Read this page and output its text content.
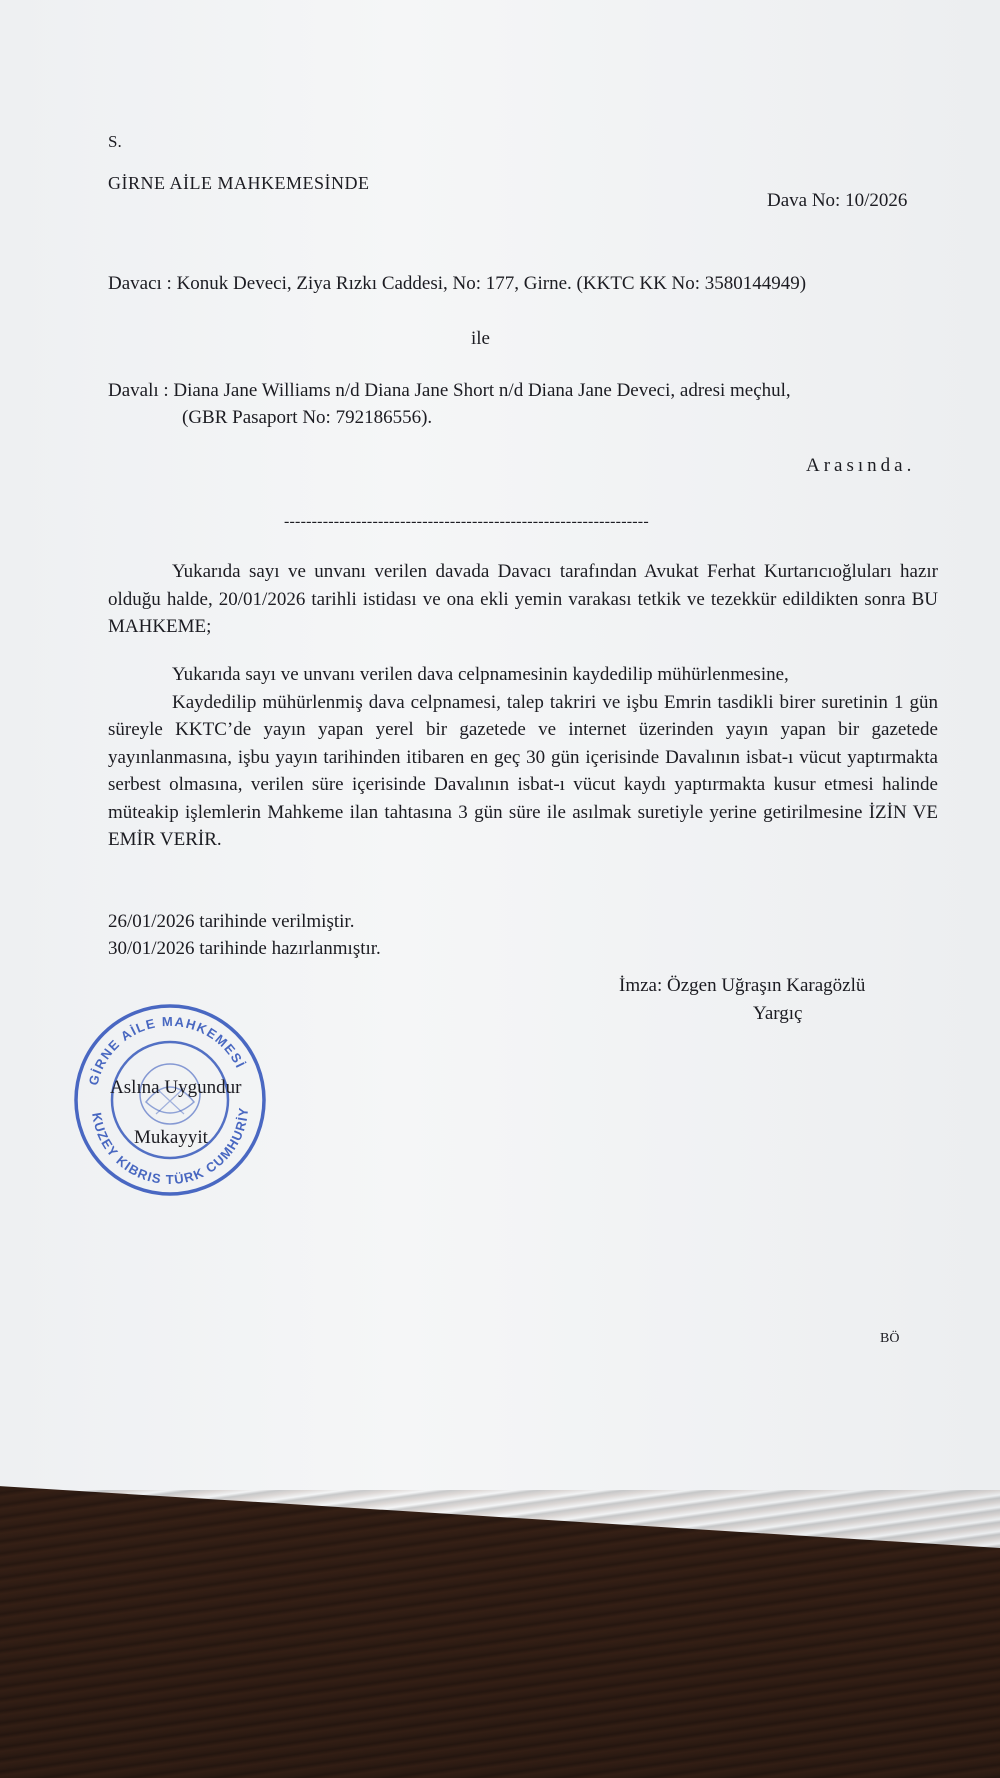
S.
GİRNE AİLE MAHKEMESİNDE
Dava No: 10/2026
Davacı : Konuk Deveci, Ziya Rızkı Caddesi, No: 177, Girne. (KKTC KK No: 3580144949)
ile
Davalı : Diana Jane Williams n/d Diana Jane Short n/d Diana Jane Deveci, adresi meçhul,
(GBR Pasaport No: 792186556).
Arasında.
------------------------------------------------------------------

Yukarıda sayı ve unvanı verilen davada Davacı tarafından Avukat Ferhat Kurtarıcıoğluları hazır olduğu halde, 20/01/2026 tarihli istidası ve ona ekli yemin varakası tetkik ve tezekkür edildikten sonra BU MAHKEME;

Yukarıda sayı ve unvanı verilen dava celpnamesinin kaydedilip mühürlenmesine,

Kaydedilip mühürlenmiş dava celpnamesi, talep takriri ve işbu Emrin tasdikli birer suretinin 1 gün süreyle KKTC’de yayın yapan yerel bir gazetede ve internet üzerinden yayın yapan bir gazetede yayınlanmasına, işbu yayın tarihinden itibaren en geç 30 gün içerisinde Davalının isbat-ı vücut yaptırmakta serbest olmasına, verilen süre içerisinde Davalının isbat-ı vücut kaydı yaptırmakta kusur etmesi halinde müteakip işlemlerin Mahkeme ilan tahtasına 3 gün süre ile asılmak suretiyle yerine getirilmesine İZİN VE EMİR VERİR.

26/01/2026 tarihinde verilmiştir.
30/01/2026 tarihinde hazırlanmıştır.
İmza: Özgen Uğraşın Karagözlü
Yargıç
GİRNE AİLE MAHKEMESİ
KUZEY KIBRIS TÜRK CUMHURİY
Aslına Uygundur
Mukayyit
BÖ
